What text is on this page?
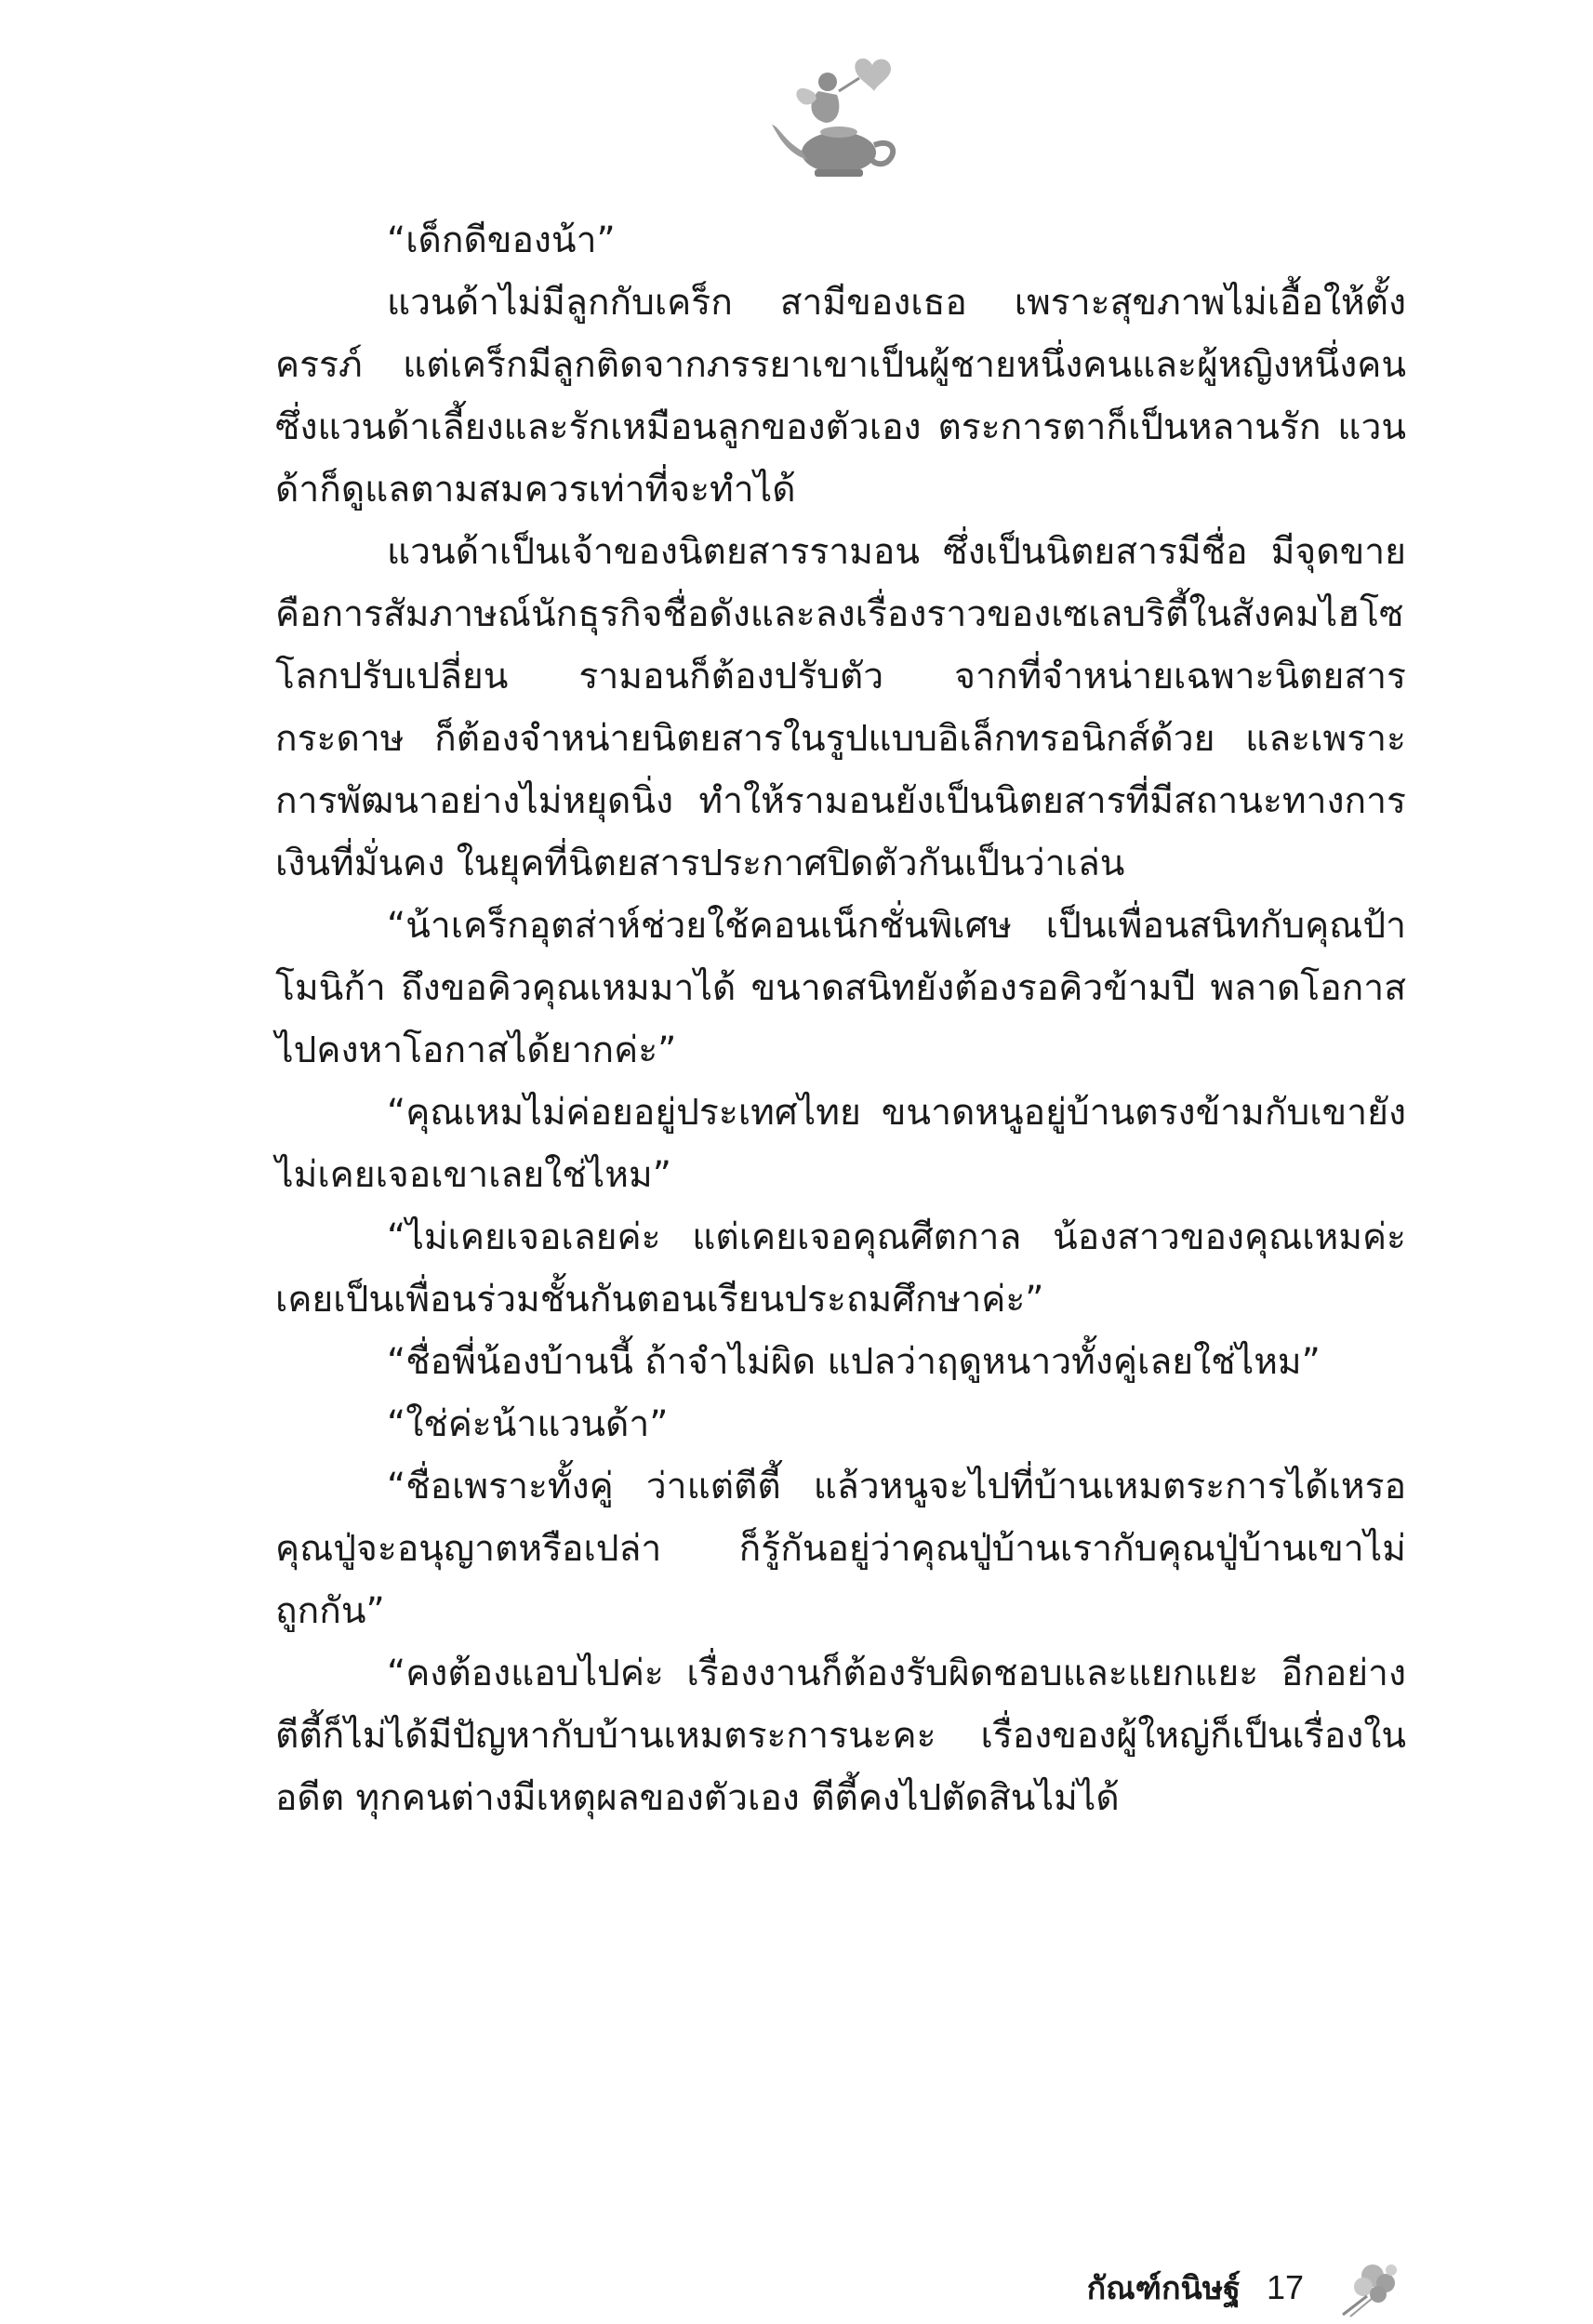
“เด็กดีของน้า”

แวนด้าไม่มีลูกกับเคร็ก สามีของเธอ เพราะสุขภาพไม่เอื้อให้ตั้งครรภ์ แต่เคร็กมีลูกติดจากภรรยาเขาเป็นผู้ชายหนึ่งคนและผู้หญิงหนึ่งคน ซึ่งแวนด้าเลี้ยงและรักเหมือนลูกของตัวเอง ตระการตาก็เป็นหลานรัก แวนด้าก็ดูแลตามสมควรเท่าที่จะทำได้

แวนด้าเป็นเจ้าของนิตยสารรามอน ซึ่งเป็นนิตยสารมีชื่อ มีจุดขายคือการสัมภาษณ์นักธุรกิจชื่อดังและลงเรื่องราวของเซเลบริตี้ในสังคมไฮโซ โลกปรับเปลี่ยน รามอนก็ต้องปรับตัว จากที่จำหน่ายเฉพาะนิตยสารกระดาษ ก็ต้องจำหน่ายนิตยสารในรูปแบบอิเล็กทรอนิกส์ด้วย และเพราะการพัฒนาอย่างไม่หยุดนิ่ง ทำให้รามอนยังเป็นนิตยสารที่มีสถานะทางการเงินที่มั่นคง ในยุคที่นิตยสารประกาศปิดตัวกันเป็นว่าเล่น

“น้าเคร็กอุตส่าห์ช่วยใช้คอนเน็กชั่นพิเศษ เป็นเพื่อนสนิทกับคุณป้าโมนิก้า ถึงขอคิวคุณเหมมาได้ ขนาดสนิทยังต้องรอคิวข้ามปี พลาดโอกาสไปคงหาโอกาสได้ยากค่ะ”

“คุณเหมไม่ค่อยอยู่ประเทศไทย ขนาดหนูอยู่บ้านตรงข้ามกับเขายังไม่เคยเจอเขาเลยใช่ไหม”

“ไม่เคยเจอเลยค่ะ แต่เคยเจอคุณศีตกาล น้องสาวของคุณเหมค่ะ เคยเป็นเพื่อนร่วมชั้นกันตอนเรียนประถมศึกษาค่ะ”

“ชื่อพี่น้องบ้านนี้ ถ้าจำไม่ผิด แปลว่าฤดูหนาวทั้งคู่เลยใช่ไหม”

“ใช่ค่ะน้าแวนด้า”

“ชื่อเพราะทั้งคู่ ว่าแต่ตีตี้ แล้วหนูจะไปที่บ้านเหมตระการได้เหรอ คุณปู่จะอนุญาตหรือเปล่า ก็รู้กันอยู่ว่าคุณปู่บ้านเรากับคุณปู่บ้านเขาไม่ถูกกัน”

“คงต้องแอบไปค่ะ เรื่องงานก็ต้องรับผิดชอบและแยกแยะ อีกอย่างตีตี้ก็ไม่ได้มีปัญหากับบ้านเหมตระการนะคะ เรื่องของผู้ใหญ่ก็เป็นเรื่องในอดีต ทุกคนต่างมีเหตุผลของตัวเอง ตีตี้คงไปตัดสินไม่ได้

กัณฑ์กนิษฐ์ 17
